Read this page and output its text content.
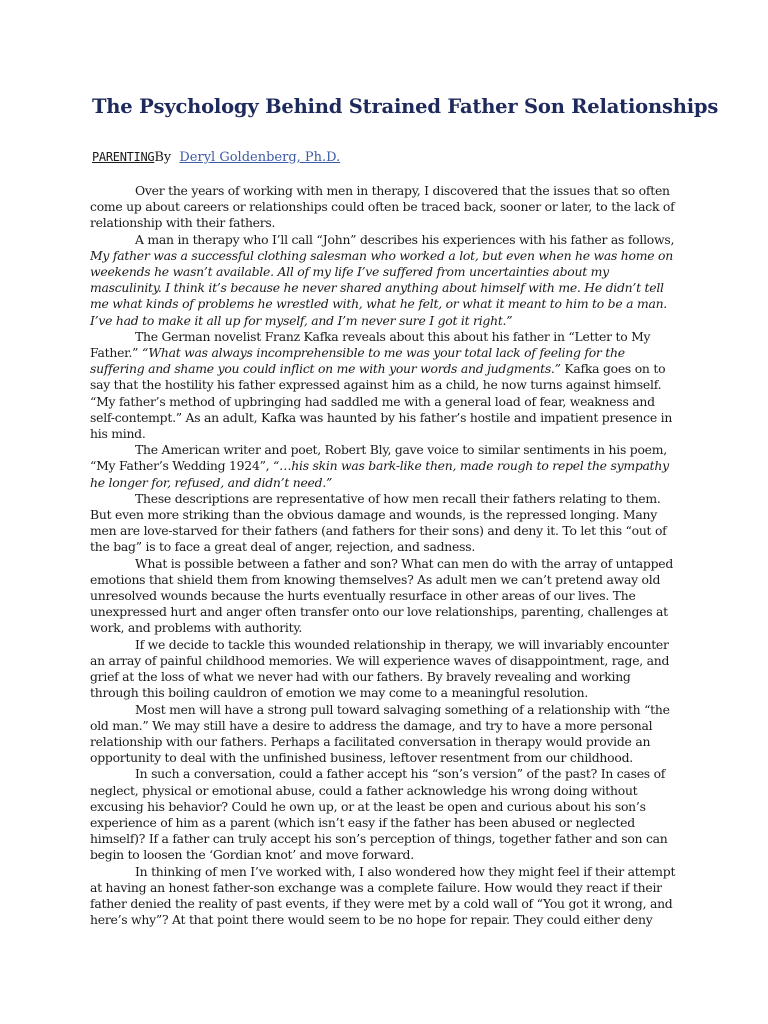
The Psychology Behind Strained Father Son Relationships
PARENTINGBy Deryl Goldenberg, Ph.D.

Over the years of working with men in therapy, I discovered that the issues that so often come up about careers or relationships could often be traced back, sooner or later, to the lack of relationship with their fathers.

A man in therapy who I’ll call “John” describes his experiences with his father as follows, My father was a successful clothing salesman who worked a lot, but even when he was home on weekends he wasn’t available. All of my life I’ve suffered from uncertainties about my masculinity. I think it’s because he never shared anything about himself with me. He didn’t tell me what kinds of problems he wrestled with, what he felt, or what it meant to him to be a man. I’ve had to make it all up for myself, and I’m never sure I got it right.”

The German novelist Franz Kafka reveals about this about his father in “Letter to My Father.” “What was always incomprehensible to me was your total lack of feeling for the suffering and shame you could inflict on me with your words and judgments.” Kafka goes on to say that the hostility his father expressed against him as a child, he now turns against himself. “My father’s method of upbringing had saddled me with a general load of fear, weakness and self-contempt.” As an adult, Kafka was haunted by his father’s hostile and impatient presence in his mind.

The American writer and poet, Robert Bly, gave voice to similar sentiments in his poem, “My Father’s Wedding 1924”, “…his skin was bark-like then, made rough to repel the sympathy he longer for, refused, and didn’t need.”

These descriptions are representative of how men recall their fathers relating to them. But even more striking than the obvious damage and wounds, is the repressed longing. Many men are love-starved for their fathers (and fathers for their sons) and deny it. To let this “out of the bag” is to face a great deal of anger, rejection, and sadness.

What is possible between a father and son? What can men do with the array of untapped emotions that shield them from knowing themselves? As adult men we can’t pretend away old unresolved wounds because the hurts eventually resurface in other areas of our lives. The unexpressed hurt and anger often transfer onto our love relationships, parenting, challenges at work, and problems with authority.

If we decide to tackle this wounded relationship in therapy, we will invariably encounter an array of painful childhood memories. We will experience waves of disappointment, rage, and grief at the loss of what we never had with our fathers. By bravely revealing and working through this boiling cauldron of emotion we may come to a meaningful resolution.

Most men will have a strong pull toward salvaging something of a relationship with “the old man.” We may still have a desire to address the damage, and try to have a more personal relationship with our fathers. Perhaps a facilitated conversation in therapy would provide an opportunity to deal with the unfinished business, leftover resentment from our childhood.

In such a conversation, could a father accept his “son’s version” of the past? In cases of neglect, physical or emotional abuse, could a father acknowledge his wrong doing without excusing his behavior? Could he own up, or at the least be open and curious about his son’s experience of him as a parent (which isn’t easy if the father has been abused or neglected himself)? If a father can truly accept his son’s perception of things, together father and son can begin to loosen the ‘Gordian knot’ and move forward.

In thinking of men I’ve worked with, I also wondered how they might feel if their attempt at having an honest father-son exchange was a complete failure. How would they react if their father denied the reality of past events, if they were met by a cold wall of “You got it wrong, and here’s why”? At that point there would seem to be no hope for repair. They could either deny
